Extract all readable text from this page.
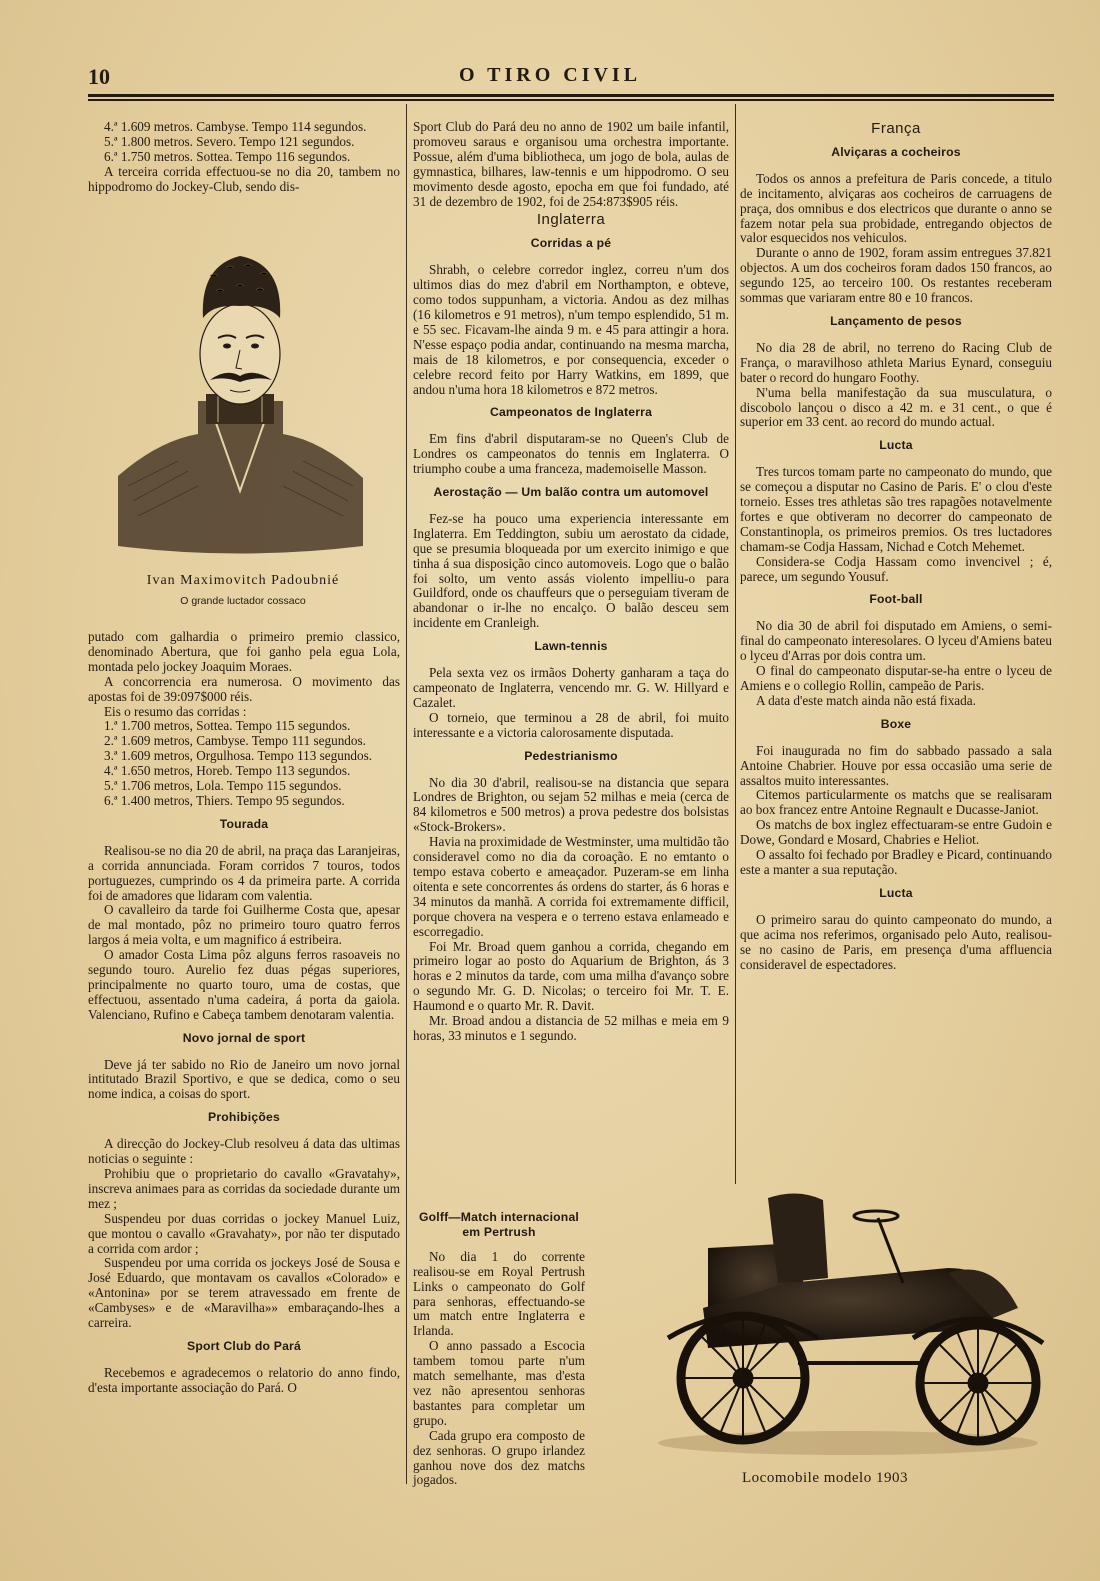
10	O TIRO CIVIL

4.ª 1.609 metros. Cambyse. Tempo 114 segundos.

5.ª 1.800 metros. Severo. Tempo 121 segundos.

6.ª 1.750 metros. Sottea. Tempo 116 segundos.

A terceira corrida effectuou-se no dia 20, tambem no hippodromo do Jockey-Club, sendo dis-

Ivan Maximovitch Padoubnié
O grande luctador cossaco

putado com galhardia o primeiro premio classico, denominado Abertura, que foi ganho pela egua Lola, montada pelo jockey Joaquim Moraes.

A concorrencia era numerosa. O movimento das apostas foi de 39:097$000 réis.

Eis o resumo das corridas :

1.ª 1.700 metros, Sottea. Tempo 115 segundos.

2.ª 1.609 metros, Cambyse. Tempo 111 segundos.

3.ª 1.609 metros, Orgulhosa. Tempo 113 segundos.

4.ª 1.650 metros, Horeb. Tempo 113 segundos.

5.ª 1.706 metros, Lola. Tempo 115 segundos.

6.ª 1.400 metros, Thiers. Tempo 95 segundos.

Tourada

Realisou-se no dia 20 de abril, na praça das Laranjeiras, a corrida annunciada. Foram corridos 7 touros, todos portuguezes, cumprindo os 4 da primeira parte. A corrida foi de amadores que lidaram com valentia.

O cavalleiro da tarde foi Guilherme Costa que, apesar de mal montado, pôz no primeiro touro quatro ferros largos á meia volta, e um magnifico á estribeira.

O amador Costa Lima pôz alguns ferros rasoaveis no segundo touro. Aurelio fez duas pégas superiores, principalmente no quarto touro, uma de costas, que effectuou, assentado n'uma cadeira, á porta da gaiola. Valenciano, Rufino e Cabeça tambem denotaram valentia.

Novo jornal de sport

Deve já ter sabido no Rio de Janeiro um novo jornal intitutado Brazil Sportivo, e que se dedica, como o seu nome indica, a coisas do sport.

Prohibições

A direcção do Jockey-Club resolveu á data das ultimas noticias o seguinte :

Prohibiu que o proprietario do cavallo «Gravatahy», inscreva animaes para as corridas da sociedade durante um mez ;

Suspendeu por duas corridas o jockey Manuel Luiz, que montou o cavallo «Gravahaty», por não ter disputado a corrida com ardor ;

Suspendeu por uma corrida os jockeys José de Sousa e José Eduardo, que montavam os cavallos «Colorado» e «Antonina» por se terem atravessado em frente de «Cambyses» e de «Maravilha»» embaraçando-lhes a carreira.

Sport Club do Pará

Recebemos e agradecemos o relatorio do anno findo, d'esta importante associação do Pará. O

Sport Club do Pará deu no anno de 1902 um baile infantil, promoveu saraus e organisou uma orchestra importante. Possue, além d'uma bibliotheca, um jogo de bola, aulas de gymnastica, bilhares, law-tennis e um hippodromo. O seu movimento desde agosto, epocha em que foi fundado, até 31 de dezembro de 1902, foi de 254:873$905 réis.

Inglaterra
Corridas a pé

Shrabh, o celebre corredor inglez, correu n'um dos ultimos dias do mez d'abril em Northampton, e obteve, como todos suppunham, a victoria. Andou as dez milhas (16 kilometros e 91 metros), n'um tempo esplendido, 51 m. e 55 sec. Ficavam-lhe ainda 9 m. e 45 para attingir a hora. N'esse espaço podia andar, continuando na mesma marcha, mais de 18 kilometros, e por consequencia, exceder o celebre record feito por Harry Watkins, em 1899, que andou n'uma hora 18 kilometros e 872 metros.

Campeonatos de Inglaterra

Em fins d'abril disputaram-se no Queen's Club de Londres os campeonatos do tennis em Inglaterra. O triumpho coube a uma franceza, mademoiselle Masson.

Aerostação — Um balão contra um automovel

Fez-se ha pouco uma experiencia interessante em Inglaterra. Em Teddington, subiu um aerostato da cidade, que se presumia bloqueada por um exercito inimigo e que tinha á sua disposição cinco automoveis. Logo que o balão foi solto, um vento assás violento impelliu-o para Guildford, onde os chauffeurs que o perseguiam tiveram de abandonar o ir-lhe no encalço. O balão desceu sem incidente em Cranleigh.

Lawn-tennis

Pela sexta vez os irmãos Doherty ganharam a taça do campeonato de Inglaterra, vencendo mr. G. W. Hillyard e Cazalet.

O torneio, que terminou a 28 de abril, foi muito interessante e a victoria calorosamente disputada.

Pedestrianismo

No dia 30 d'abril, realisou-se na distancia que separa Londres de Brighton, ou sejam 52 milhas e meia (cerca de 84 kilometros e 500 metros) a prova pedestre dos bolsistas «Stock-Brokers».

Havia na proximidade de Westminster, uma multidão tão consideravel como no dia da coroação. E no emtanto o tempo estava coberto e ameaçador. Puzeram-se em linha oitenta e sete concorrentes ás ordens do starter, ás 6 horas e 34 minutos da manhã. A corrida foi extremamente difficil, porque chovera na vespera e o terreno estava enlameado e escorregadio.

Foi Mr. Broad quem ganhou a corrida, chegando em primeiro logar ao posto do Aquarium de Brighton, ás 3 horas e 2 minutos da tarde, com uma milha d'avanço sobre o segundo Mr. G. D. Nicolas; o terceiro foi Mr. T. E. Haumond e o quarto Mr. R. Davit.

Mr. Broad andou a distancia de 52 milhas e meia em 9 horas, 33 minutos e 1 segundo.

Golff—Match internacional
em Pertrush

No dia 1 do corrente realisou-se em Royal Pertrush Links o campeonato do Golf para senhoras, effectuando-se um match entre Inglaterra e Irlanda.

O anno passado a Escocia tambem tomou parte n'um match semelhante, mas d'esta vez não apresentou senhoras bastantes para completar um grupo.

Cada grupo era composto de dez senhoras. O grupo irlandez ganhou nove dos dez matchs jogados.

França
Alviçaras a cocheiros

Todos os annos a prefeitura de Paris concede, a titulo de incitamento, alviçaras aos cocheiros de carruagens de praça, dos omnibus e dos electricos que durante o anno se fazem notar pela sua probidade, entregando objectos de valor esquecidos nos vehiculos.

Durante o anno de 1902, foram assim entregues 37.821 objectos. A um dos cocheiros foram dados 150 francos, ao segundo 125, ao terceiro 100. Os restantes receberam sommas que variaram entre 80 e 10 francos.

Lançamento de pesos

No dia 28 de abril, no terreno do Racing Club de França, o maravilhoso athleta Marius Eynard, conseguiu bater o record do hungaro Foothy.

N'uma bella manifestação da sua musculatura, o discobolo lançou o disco a 42 m. e 31 cent., o que é superior em 33 cent. ao record do mundo actual.

Lucta

Tres turcos tomam parte no campeonato do mundo, que se começou a disputar no Casino de Paris. E' o clou d'este torneio. Esses tres athletas são tres rapagões notavelmente fortes e que obtiveram no decorrer do campeonato de Constantinopla, os primeiros premios. Os tres luctadores chamam-se Codja Hassam, Nichad e Cotch Mehemet.

Considera-se Codja Hassam como invencivel ; é, parece, um segundo Yousuf.

Foot-ball

No dia 30 de abril foi disputado em Amiens, o semi-final do campeonato interesolares. O lyceu d'Amiens bateu o lyceu d'Arras por dois contra um.

O final do campeonato disputar-se-ha entre o lyceu de Amiens e o collegio Rollin, campeão de Paris.

A data d'este match ainda não está fixada.

Boxe

Foi inaugurada no fim do sabbado passado a sala Antoine Chabrier. Houve por essa occasião uma serie de assaltos muito interessantes.

Citemos particularmente os matchs que se realisaram ao box francez entre Antoine Regnault e Ducasse-Janiot.

Os matchs de box inglez effectuaram-se entre Gudoin e Dowe, Gondard e Mosard, Chabries e Heliot.

O assalto foi fechado por Bradley e Picard, continuando este a manter a sua reputação.

Lucta

O primeiro sarau do quinto campeonato do mundo, a que acima nos referimos, organisado pelo Auto, realisou-se no casino de Paris, em presença d'uma affluencia consideravel de espectadores.

Locomobile modelo 1903
